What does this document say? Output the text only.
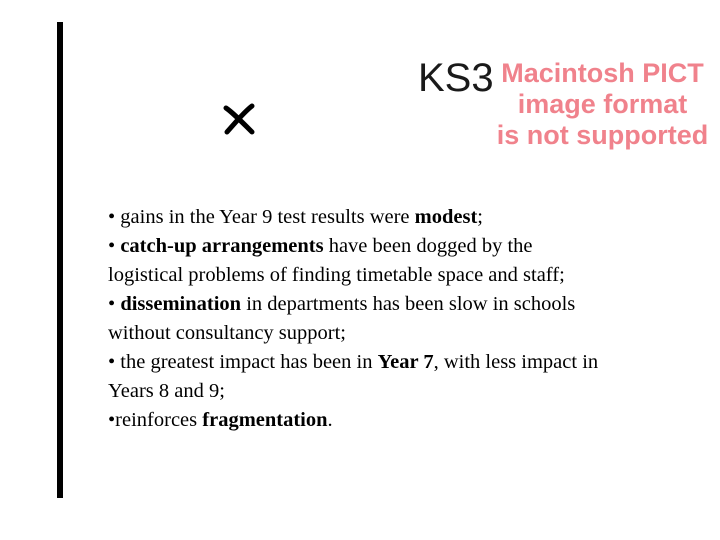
KS3 Macintosh PICT
image format
is not supported

• gains in the Year 9 test results were modest;

• catch-up arrangements have been dogged by the logistical problems of finding timetable space and staff;

• dissemination in departments has been slow in schools without consultancy support;

• the greatest impact has been in Year 7, with less impact in Years 8 and 9;

•reinforces fragmentation.
